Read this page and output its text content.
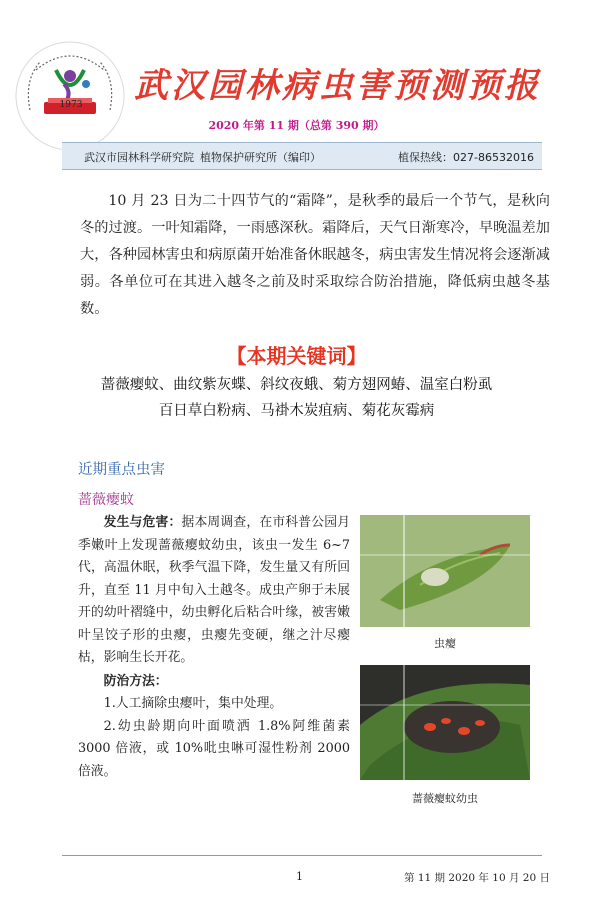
1973	武汉园林病虫害预测预报
2020 年第 11 期（总第 390 期）
武汉市园林科学研究院 植物保护研究所（编印）	植保热线：027-86532016

10 月 23 日为二十四节气的“霜降”，是秋季的最后一个节气，是秋向冬的过渡。一叶知霜降，一雨感深秋。霜降后，天气日渐寒冷，早晚温差加大，各种园林害虫和病原菌开始准备休眠越冬，病虫害发生情况将会逐渐减弱。各单位可在其进入越冬之前及时采取综合防治措施，降低病虫越冬基数。

【本期关键词】
蔷薇瘿蚊、曲纹紫灰蝶、斜纹夜蛾、菊方翅网蝽、温室白粉虱
百日草白粉病、马褂木炭疽病、菊花灰霉病
近期重点虫害
蔷薇瘿蚊

发生与危害：据本周调查，在市科普公园月季嫩叶上发现蔷薇瘿蚊幼虫，该虫一发生 6~7 代，高温休眠，秋季气温下降，发生量又有所回升，直至 11 月中旬入土越冬。成虫产卵于未展开的幼叶褶缝中，幼虫孵化后粘合叶缘，被害嫩叶呈饺子形的虫瘿，虫瘿先变硬，继之汁尽瘿枯，影响生长开花。

防治方法：

1.人工摘除虫瘿叶，集中处理。

2.幼虫龄期向叶面喷洒 1.8%阿维菌素 3000 倍液，或 10%吡虫啉可湿性粉剂 2000 倍液。

虫瘿
蔷薇瘿蚊幼虫
1	第 11 期 2020 年 10 月 20 日
